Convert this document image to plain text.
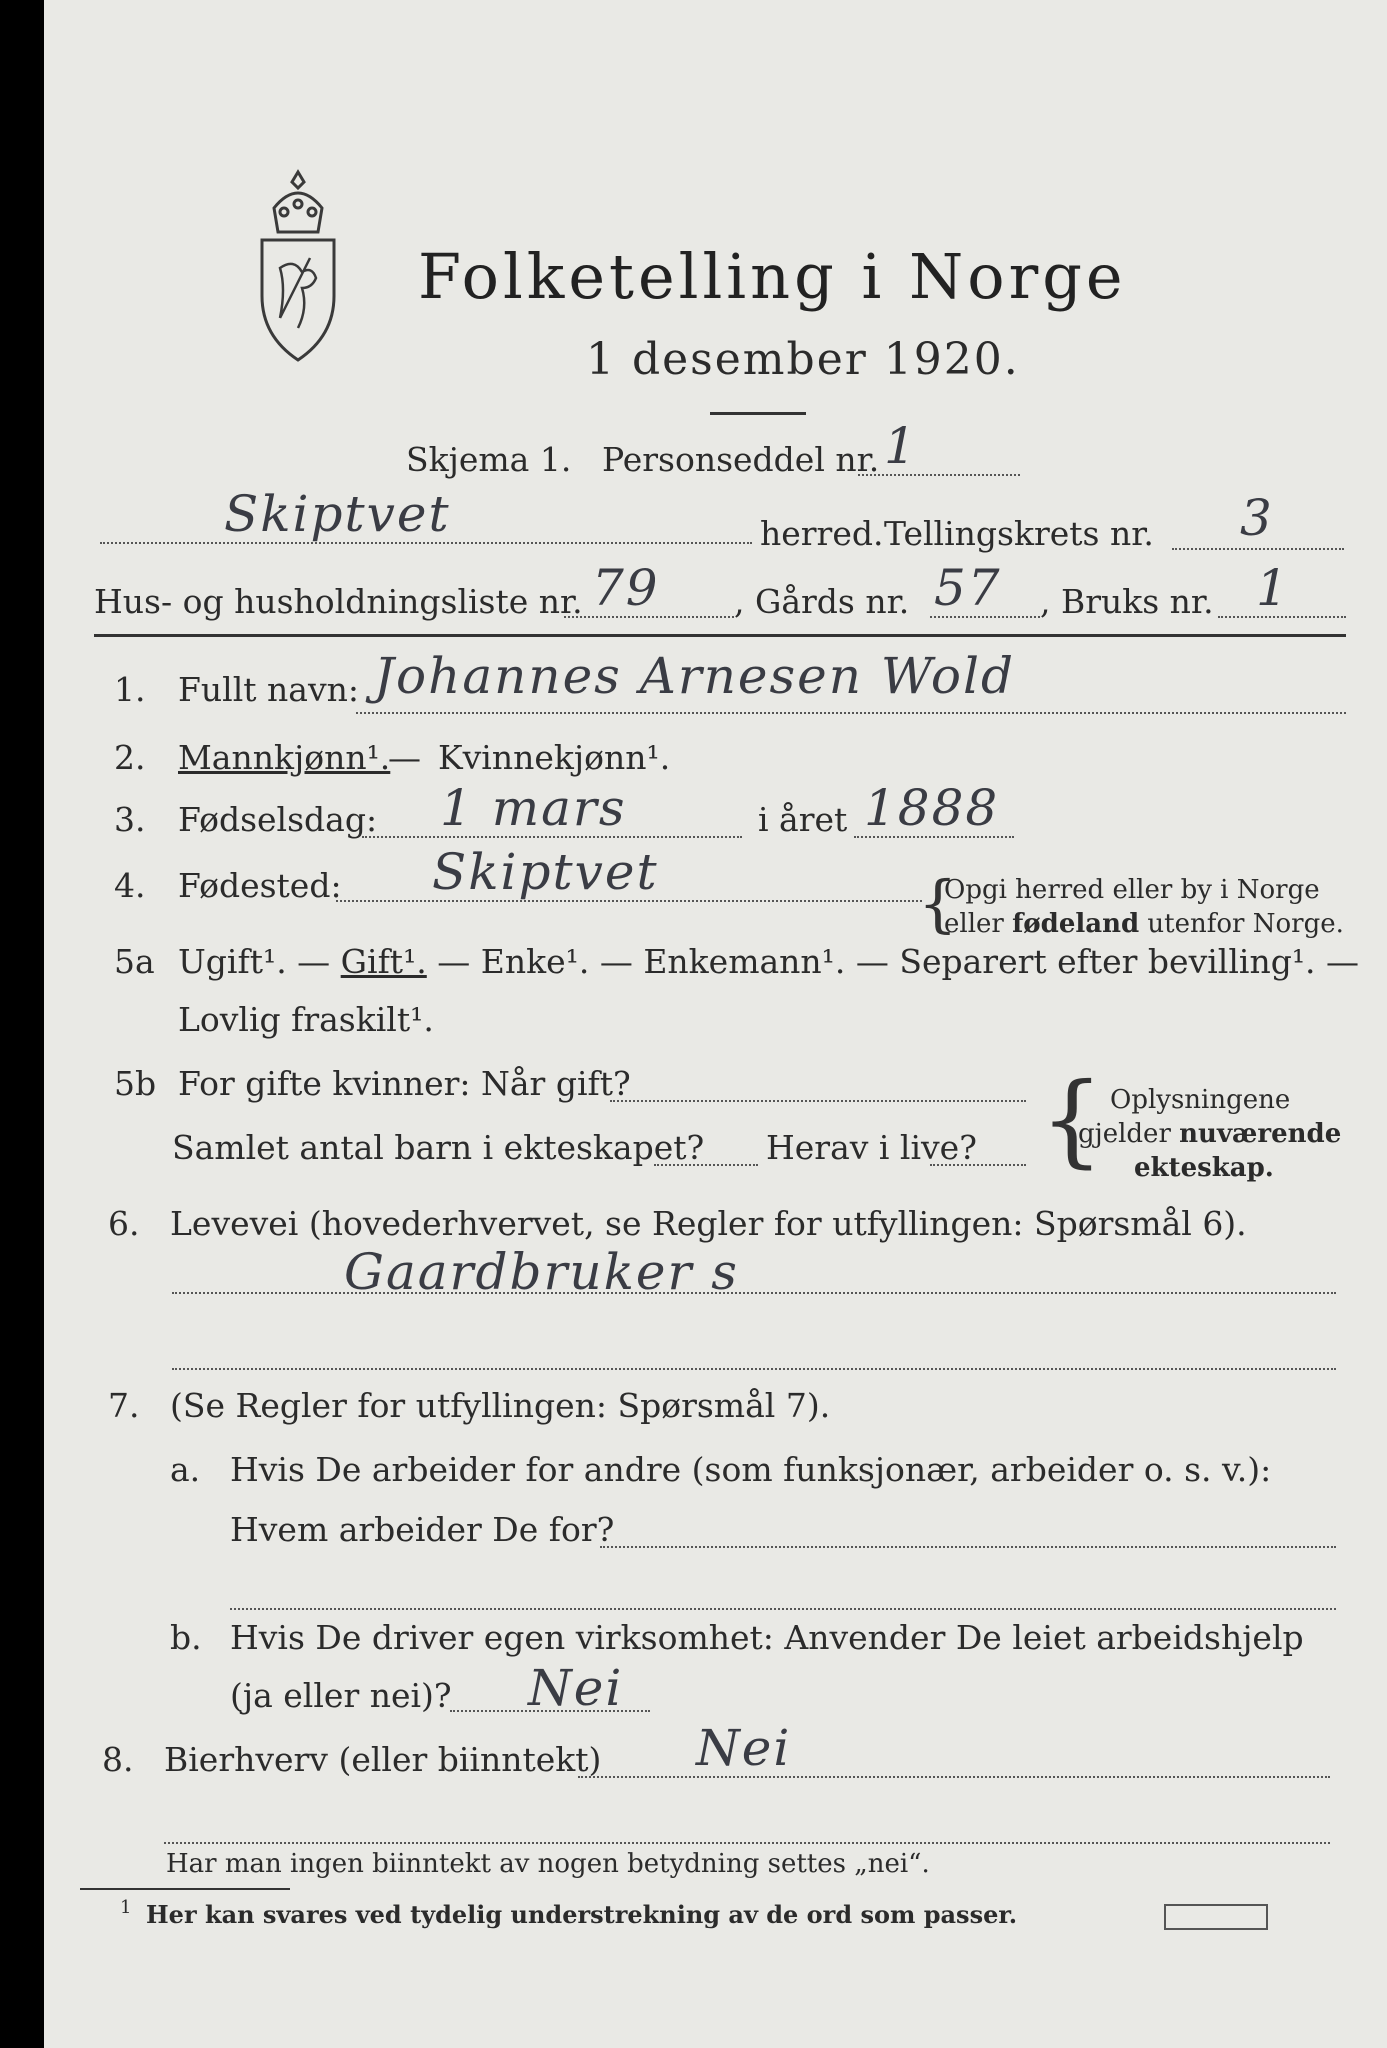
Folketelling i Norge
1 desember 1920.
Skjema 1. Personseddel nr. 1
Skiptvet	herred. Tellingskrets nr. 3
Hus- og husholdningsliste nr. 79 , Gårds nr. 57 , Bruks nr. 1
1. Fullt navn: Johannes Arnesen Wold
2. Mannkjønn¹.
— Kvinnekjønn¹.
3. Fødselsdag: 1 mars	i året 1888
4. Fødested: Skiptvet	{
Opgi herred eller by i Norge
eller fødeland utenfor Norge.
5a Ugift¹. — Gift¹. — Enke¹. — Enkemann¹. — Separert efter bevilling¹. —
Lovlig fraskilt¹.
5b For gifte kvinner: Når gift?
Samlet antal barn i ekteskapet? Herav i live? { Oplysningene
gjelder nuværende
ekteskap.
6. Levevei (hovederhvervet, se Regler for utfyllingen: Spørsmål 6).
Gaardbruker s
7. (Se Regler for utfyllingen: Spørsmål 7).
a. Hvis De arbeider for andre (som funksjonær, arbeider o. s. v.):
Hvem arbeider De for?
b. Hvis De driver egen virksomhet: Anvender De leiet arbeidshjelp
(ja eller nei)? Nei
8. Bierhverv (eller biinntekt) Nei
Har man ingen biinntekt av nogen betydning settes „nei“.
1 Her kan svares ved tydelig understrekning av de ord som passer.
